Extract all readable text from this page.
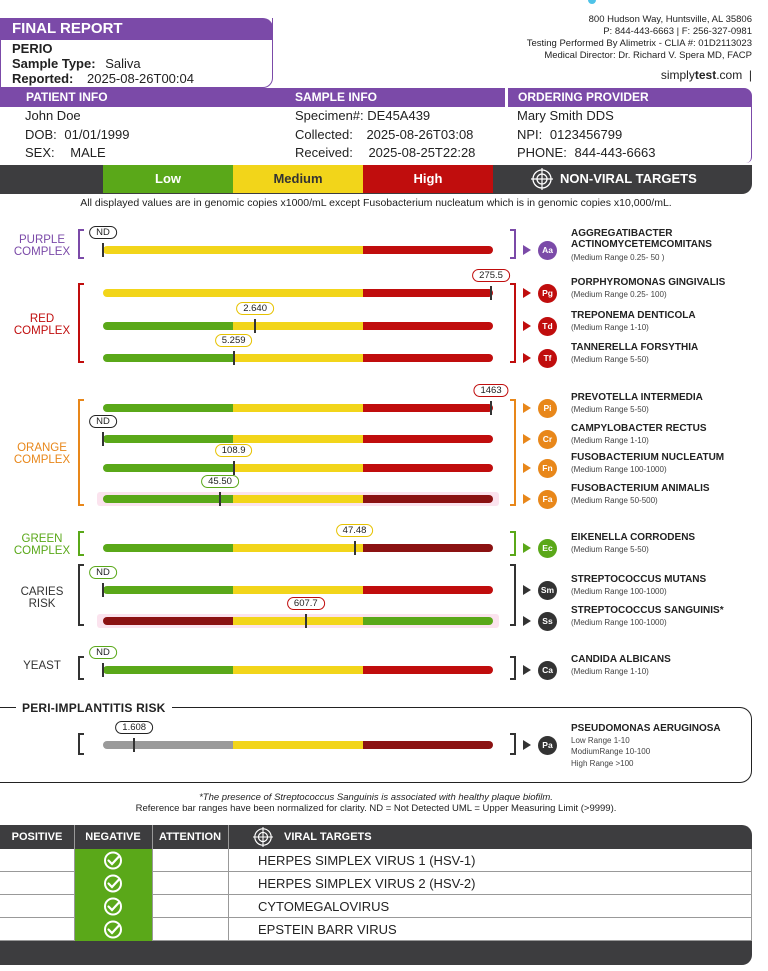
FINAL REPORT
PERIO
Sample Type: Saliva
Reported: 2025-08-26T00:04
800 Hudson Way, Huntsville, AL 35806
P: 844-443-6663 | F: 256-327-0981
Testing Performed By Alimetrix - CLIA #: 01D2113023
Medical Director: Dr. Richard V. Spera MD, FACP
simplytest.com  |
PATIENT INFO	SAMPLE INFO	ORDERING PROVIDER
John Doe
DOB: 01/01/1999
SEX: MALE
Specimen#: DE45A439
Collected: 2025-08-26T03:08
Received: 2025-08-25T22:28
Mary Smith DDS
NPI: 0123456799
PHONE: 844-443-6663
Low	Medium	High	NON-VIRAL TARGETS
All displayed values are in genomic copies x1000/mL except Fusobacterium nucleatum which is in genomic copies x10,000/mL.
PURPLE
COMPLEX
RED
COMPLEX
ORANGE
COMPLEX
GREEN
COMPLEX
CARIES
RISK
YEAST
ND
Aa
AGGREGATIBACTER
ACTINOMYCETEMCOMITANS
(Medium Range 0.25- 50 )
275.5
Pg
PORPHYROMONAS GINGIVALIS
(Medium Range 0.25- 100)
2.640
Td
TREPONEMA DENTICOLA
(Medium Range 1-10)
5.259
Tf
TANNERELLA FORSYTHIA
(Medium Range 5-50)
1463
Pi
PREVOTELLA INTERMEDIA
(Medium Range 5-50)
ND
Cr
CAMPYLOBACTER RECTUS
(Medium Range 1-10)
108.9
Fn
FUSOBACTERIUM NUCLEATUM
(Medium Range 100-1000)
45.50
Fa
FUSOBACTERIUM ANIMALIS
(Medium Range 50-500)
47.48
Ec
EIKENELLA CORRODENS
(Medium Range 5-50)
ND
Sm
STREPTOCOCCUS MUTANS
(Medium Range 100-1000)
607.7
Ss
STREPTOCOCCUS SANGUINIS*
(Medium Range 100-1000)
ND
Ca
CANDIDA ALBICANS
(Medium Range 1-10)
PERI-IMPLANTITIS RISK
1.608
Pa
PSEUDOMONAS AERUGINOSA
Low Range 1-10
ModiumRange 10-100
High Range >100
*The presence of Streptococcus Sanguinis is associated with healthy plaque biofilm.
Reference bar ranges have been normalized for clarity. ND = Not Detected UML = Upper Measuring Limit (>9999).
POSITIVE	NEGATIVE	ATTENTION	VIRAL TARGETS
HERPES SIMPLEX VIRUS 1 (HSV-1)
HERPES SIMPLEX VIRUS 2 (HSV-2)
CYTOMEGALOVIRUS
EPSTEIN BARR VIRUS
